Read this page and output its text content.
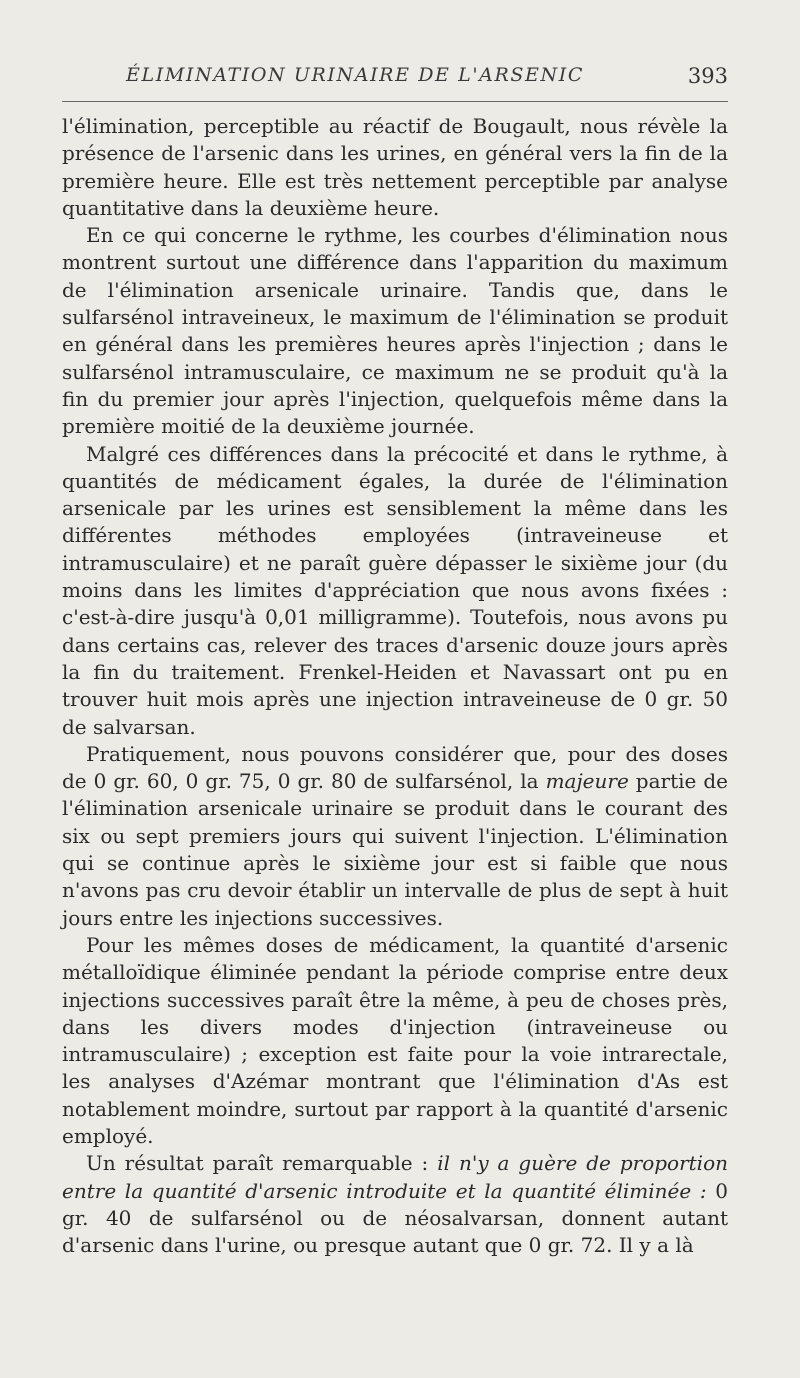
ÉLIMINATION URINAIRE DE L'ARSENIC	393

l'élimination, perceptible au réactif de Bougault, nous révèle la présence de l'arsenic dans les urines, en général vers la fin de la première heure. Elle est très nettement perceptible par analyse quantitative dans la deuxième heure.

En ce qui concerne le rythme, les courbes d'élimination nous montrent surtout une différence dans l'apparition du maximum de l'élimination arsenicale urinaire. Tandis que, dans le sulfarsénol intraveineux, le maximum de l'élimination se produit en général dans les premières heures après l'injection ; dans le sulfarsénol intramusculaire, ce maximum ne se produit qu'à la fin du premier jour après l'injection, quelquefois même dans la première moitié de la deuxième journée.

Malgré ces différences dans la précocité et dans le rythme, à quantités de médicament égales, la durée de l'élimination arsenicale par les urines est sensiblement la même dans les différentes méthodes employées (intraveineuse et intramusculaire) et ne paraît guère dépasser le sixième jour (du moins dans les limites d'appréciation que nous avons fixées : c'est-à-dire jusqu'à 0,01 milligramme). Toutefois, nous avons pu dans certains cas, relever des traces d'arsenic douze jours après la fin du traitement. Frenkel-Heiden et Navassart ont pu en trouver huit mois après une injection intraveineuse de 0 gr. 50 de salvarsan.

Pratiquement, nous pouvons considérer que, pour des doses de 0 gr. 60, 0 gr. 75, 0 gr. 80 de sulfarsénol, la majeure partie de l'élimination arsenicale urinaire se produit dans le courant des six ou sept premiers jours qui suivent l'injection. L'élimination qui se continue après le sixième jour est si faible que nous n'avons pas cru devoir établir un intervalle de plus de sept à huit jours entre les injections successives.

Pour les mêmes doses de médicament, la quantité d'arsenic métalloïdique éliminée pendant la période comprise entre deux injections successives paraît être la même, à peu de choses près, dans les divers modes d'injection (intraveineuse ou intramusculaire) ; exception est faite pour la voie intrarectale, les analyses d'Azémar montrant que l'élimination d'As est notablement moindre, surtout par rapport à la quantité d'arsenic employé.

Un résultat paraît remarquable : il n'y a guère de proportion entre la quantité d'arsenic introduite et la quantité éliminée : 0 gr. 40 de sulfarsénol ou de néosalvarsan, donnent autant d'arsenic dans l'urine, ou presque autant que 0 gr. 72. Il y a là
